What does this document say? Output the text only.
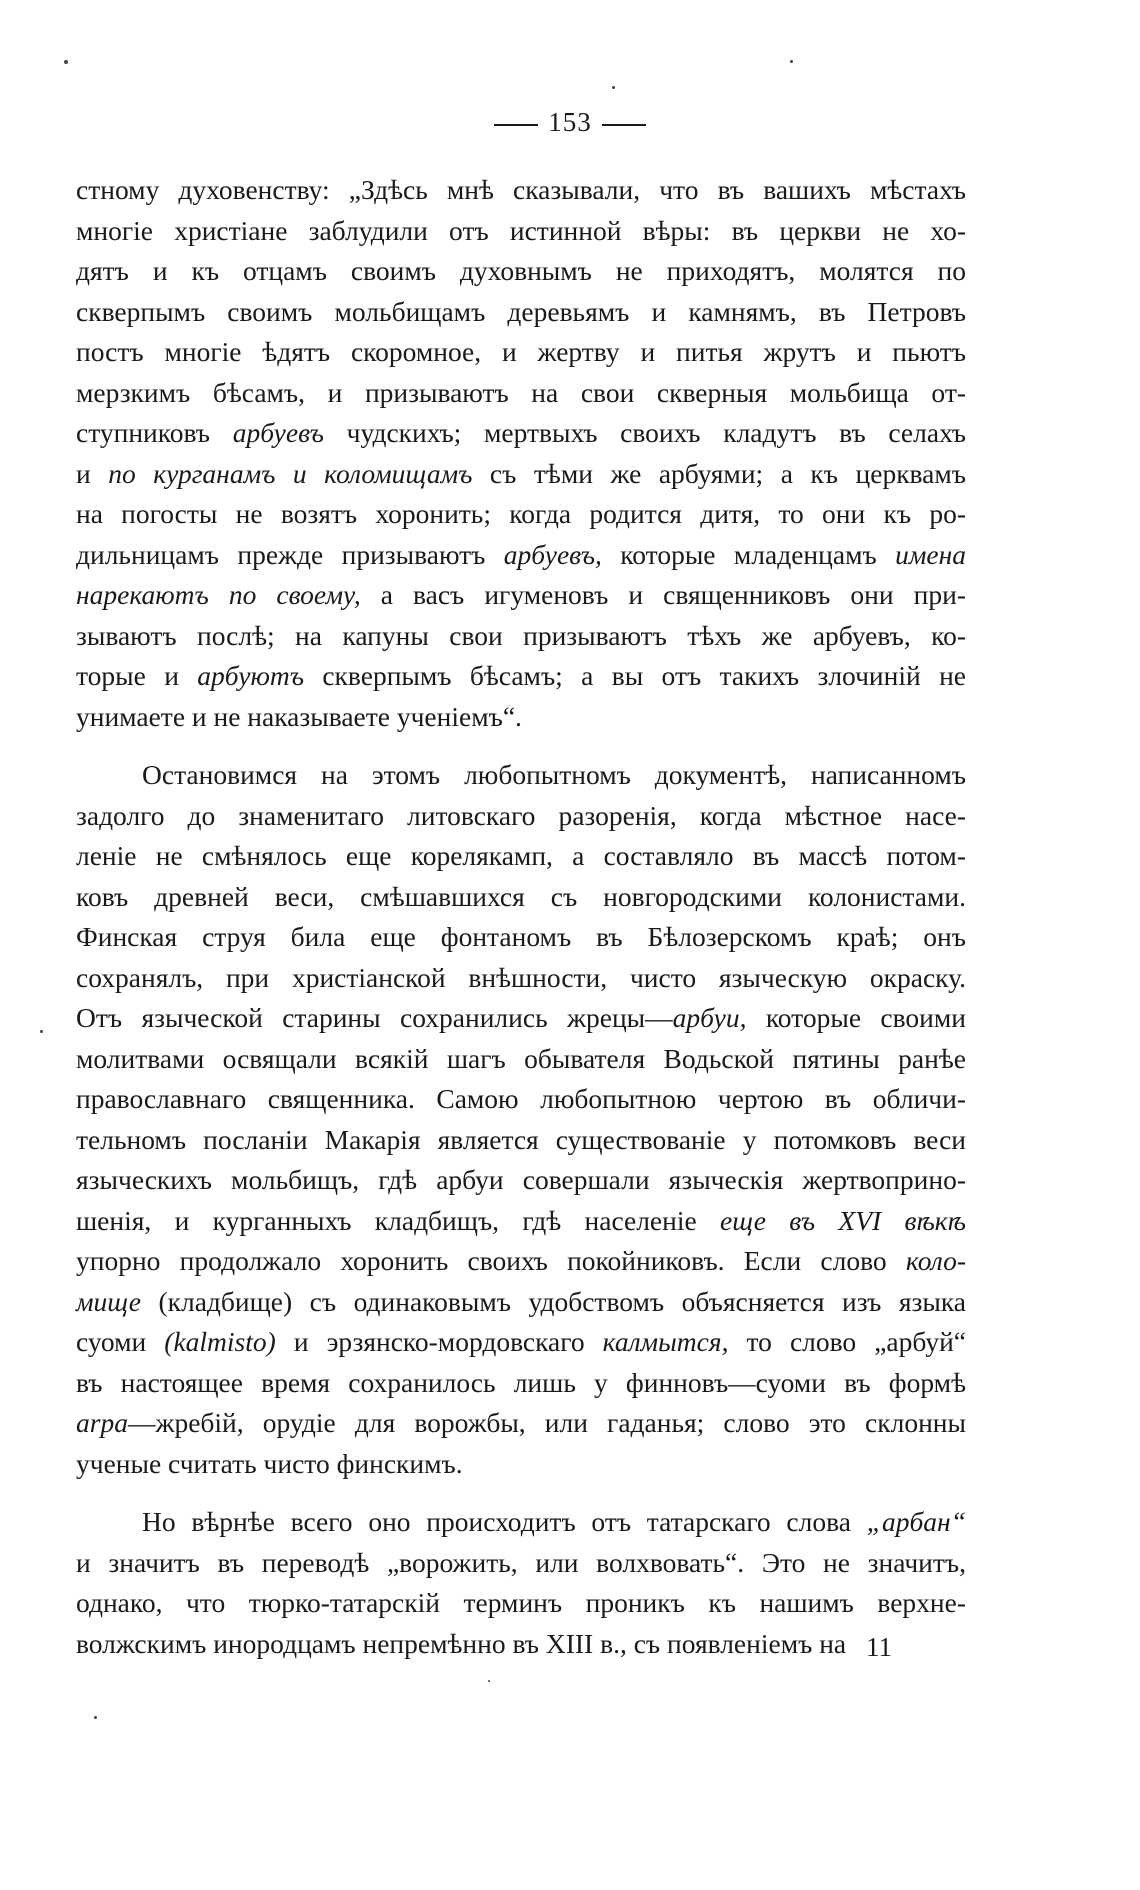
153
стному духовенству: „Здѣсь мнѣ сказывали, что въ вашихъ мѣстахъ
многіе христіане заблудили отъ истинной вѣры: въ церкви не хо-
дятъ и къ отцамъ своимъ духовнымъ не приходятъ, молятся по
скверпымъ своимъ мольбищамъ деревьямъ и камнямъ, въ Петровъ
постъ многіе ѣдятъ скоромное, и жертву и питья жрутъ и пьютъ
мерзкимъ бѣсамъ, и призываютъ на свои скверныя мольбища от-
ступниковъ арбуевъ чудскихъ; мертвыхъ своихъ кладутъ въ селахъ
и по курганамъ и коломищамъ съ тѣми же арбуями; а къ церквамъ
на погосты не возятъ хоронить; когда родится дитя, то они къ ро-
дильницамъ прежде призываютъ арбуевъ, которые младенцамъ имена
нарекаютъ по своему, а васъ игуменовъ и священниковъ они при-
зываютъ послѣ; на капуны свои призываютъ тѣхъ же арбуевъ, ко-
торые и арбуютъ скверпымъ бѣсамъ; а вы отъ такихъ злочиній не
унимаете и не наказываете ученіемъ“.
Остановимся на этомъ любопытномъ документѣ, написанномъ
задолго до знаменитаго литовскаго разоренія, когда мѣстное насе-
леніе не смѣнялось еще корелякамп, а составляло въ массѣ потом-
ковъ древней веси, смѣшавшихся съ новгородскими колонистами.
Финская струя била еще фонтаномъ въ Бѣлозерскомъ краѣ; онъ
сохранялъ, при христіанской внѣшности, чисто языческую окраску.
Отъ языческой старины сохранились жрецы—арбуи, которые своими
молитвами освящали всякій шагъ обывателя Водьской пятины ранѣе
православнаго священника. Самою любопытною чертою въ обличи-
тельномъ посланіи Макарія является существованіе у потомковъ веси
языческихъ мольбищъ, гдѣ арбуи совершали языческія жертвоприно-
шенія, и курганныхъ кладбищъ, гдѣ населеніе еще въ XVI вѣкѣ
упорно продолжало хоронить своихъ покойниковъ. Если слово коло-
мище (кладбище) съ одинаковымъ удобствомъ объясняется изъ языка
суоми (kalmisto) и эрзянско-мордовскаго калмытся, то слово „арбуй“
въ настоящее время сохранилось лишь у финновъ—суоми въ формѣ
arpa—жребій, орудіе для ворожбы, или гаданья; слово это склонны
ученые считать чисто финскимъ.
Но вѣрнѣе всего оно происходитъ отъ татарскаго слова „арбан“
и значитъ въ переводѣ „ворожить, или волхвовать“. Это не значитъ,
однако, что тюрко-татарскій терминъ проникъ къ нашимъ верхне-
волжскимъ инородцамъ непремѣнно въ XIII в., съ появленіемъ на 11
